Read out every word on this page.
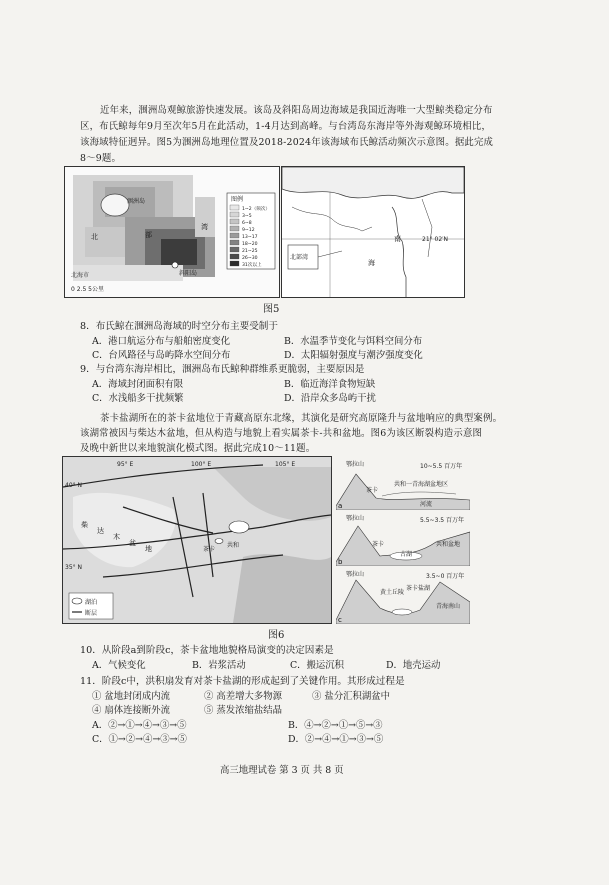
近年来，涠洲岛观鲸旅游快速发展。该岛及斜阳岛周边海域是我国近海唯一大型鲸类稳定分布
区，布氏鲸每年9月至次年5月在此活动，1-4月达到高峰。与台湾岛东海岸等外海观鲸环境相比，
该海域特征迥异。图5为涠洲岛地理位置及2018-2024年该海域布氏鲸活动频次示意图。据此完成
8～9题。
涠洲岛
北	部
湾
斜阳岛
北海市
0 2.5 5公里
图例
1~2（频次）
3~5
6~8
9~12
13~17
18~20
21~25
26~30
31次以上
21° 02′N
南
海
北部湾
图5
8．布氏鲸在涠洲岛海域的时空分布主要受制于
A．港口航运分布与船舶密度变化	B．水温季节变化与饵料空间分布
C．台风路径与岛屿降水空间分布	D．太阳辐射强度与潮汐强度变化
9．与台湾东海岸相比，涠洲岛布氏鲸种群维系更脆弱，主要原因是
A．海域封闭面积有限	B．临近海洋食物短缺
C．水浅船多干扰频繁	D．沿岸众多岛屿干扰
茶卡盐湖所在的茶卡盆地位于青藏高原东北缘，其演化是研究高原隆升与盆地响应的典型案例。
该湖常被因与柴达木盆地，但从构造与地貌上看实属茶卡-共和盆地。图6为该区断裂构造示意图
及晚中新世以来地貌演化模式图。据此完成10～11题。
95° E	100° E	105° E
40° N
35° N
柴
达
木
盆
地	共和
茶卡
湖泊
断层
鄂拉山	10~5.5 百万年
茶卡
共和一青海湖盆地区
河流
a
鄂拉山	5.5~3.5 百万年
古湖
茶卡	共和盆地
b
鄂拉山	3.5~0 百万年
黄土丘陵
茶卡盐湖
青海南山
c
图6
10．从阶段a到阶段c，茶卡盆地地貌格局演变的决定因素是
A．气候变化	B．岩浆活动	C．搬运沉积	D．地壳运动
11．阶段c中，洪积扇发育对茶卡盐湖的形成起到了关键作用。其形成过程是
① 盆地封闭成内流	② 高差增大多物源	③ 盐分汇积湖盆中
④ 扇体连接断外流	⑤ 蒸发浓缩盐结晶
A．②→①→④→③→⑤	B．④→②→①→⑤→③
C．①→②→④→③→⑤	D．②→④→①→③→⑤
高三地理试卷 第 3 页 共 8 页
